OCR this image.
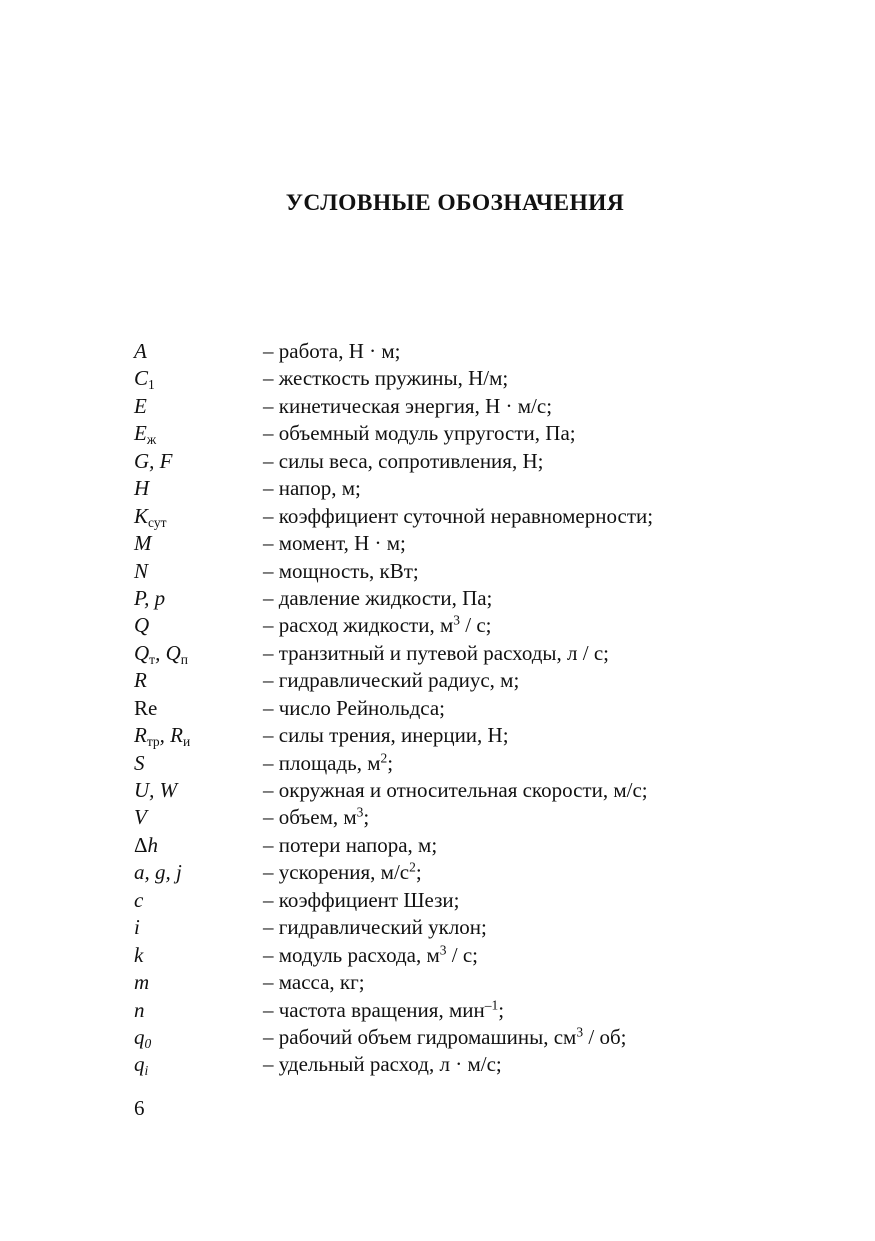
УСЛОВНЫЕ ОБОЗНАЧЕНИЯ
A	– работа, Н · м;
$C_1$	– жесткость пружины, Н/м;
E	– кинетическая энергия, Н · м/с;
$E_ж$	– объемный модуль упругости, Па;
G, F	– силы веса, сопротивления, Н;
H	– напор, м;
$K_{сут}$	– коэффициент суточной неравномерности;
M	– момент, Н · м;
N	– мощность, кВт;
P, p	– давление жидкости, Па;
Q	– расход жидкости, $м^3$ / с;
$Q_т$, $Q_п$	– транзитный и путевой расходы, л / с;
R	– гидравлический радиус, м;
Re	– число Рейнольдса;
$R_{тр}$, $R_и$	– силы трения, инерции, Н;
S	– площадь, $м^2$;
U, W	– окружная и относительная скорости, м/с;
V	– объем, $м^3$;
Δh	– потери напора, м;
a, g, j	– ускорения, $м/с^2$;
c	– коэффициент Шези;
i	– гидравлический уклон;
k	– модуль расхода, $м^3$ / с;
m	– масса, кг;
n	– частота вращения, мин$^{-1}$;
$q_0$	– рабочий объем гидромашины, $см^3$ / об;
$q_i$	– удельный расход, л · м/с;
6
